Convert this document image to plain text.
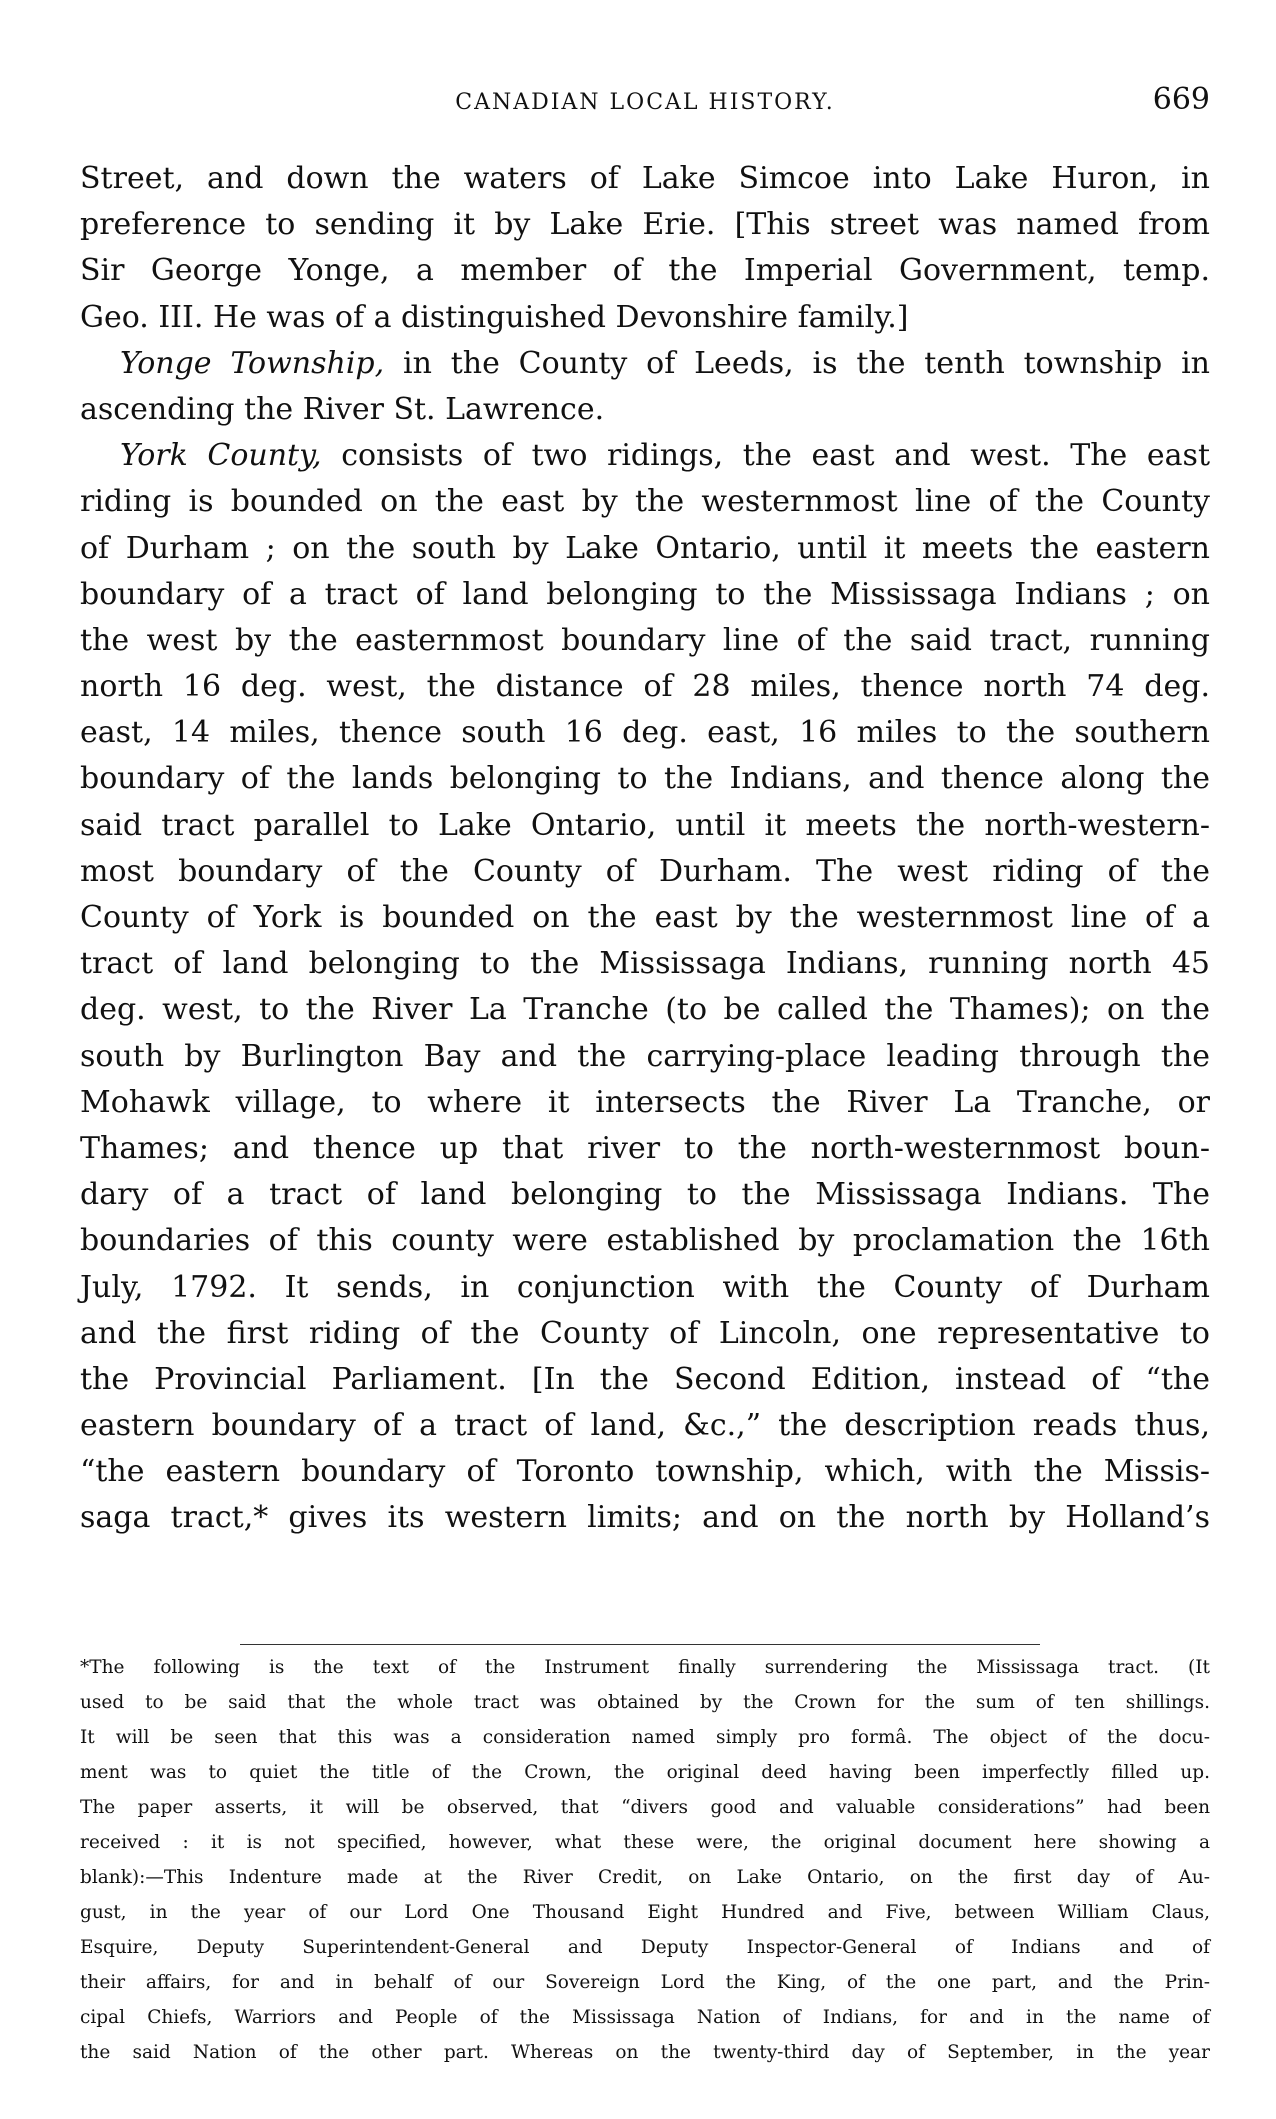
CANADIAN LOCAL HISTORY.	669
Street, and down the waters of Lake Simcoe into Lake Huron, in
preference to sending it by Lake Erie. [This street was named from
Sir George Yonge, a member of the Imperial Government, temp.
Geo. III. He was of a distinguished Devonshire family.]
Yonge Township, in the County of Leeds, is the tenth township in
ascending the River St. Lawrence.
York County, consists of two ridings, the east and west. The east
riding is bounded on the east by the westernmost line of the County
of Durham ; on the south by Lake Ontario, until it meets the eastern
boundary of a tract of land belonging to the Mississaga Indians ; on
the west by the easternmost boundary line of the said tract, running
north 16 deg. west, the distance of 28 miles, thence north 74 deg.
east, 14 miles, thence south 16 deg. east, 16 miles to the southern
boundary of the lands belonging to the Indians, and thence along the
said tract parallel to Lake Ontario, until it meets the north-western-
most boundary of the County of Durham. The west riding of the
County of York is bounded on the east by the westernmost line of a
tract of land belonging to the Mississaga Indians, running north 45
deg. west, to the River La Tranche (to be called the Thames); on the
south by Burlington Bay and the carrying-place leading through the
Mohawk village, to where it intersects the River La Tranche, or
Thames; and thence up that river to the north-westernmost boun-
dary of a tract of land belonging to the Mississaga Indians. The
boundaries of this county were established by proclamation the 16th
July, 1792. It sends, in conjunction with the County of Durham
and the first riding of the County of Lincoln, one representative to
the Provincial Parliament. [In the Second Edition, instead of “the
eastern boundary of a tract of land, &c.,” the description reads thus,
“the eastern boundary of Toronto township, which, with the Missis-
saga tract,* gives its western limits; and on the north by Holland’s
*The following is the text of the Instrument finally surrendering the Mississaga tract. (It
used to be said that the whole tract was obtained by the Crown for the sum of ten shillings.
It will be seen that this was a consideration named simply pro formâ. The object of the docu-
ment was to quiet the title of the Crown, the original deed having been imperfectly filled up.
The paper asserts, it will be observed, that “divers good and valuable considerations” had been
received : it is not specified, however, what these were, the original document here showing a
blank):—This Indenture made at the River Credit, on Lake Ontario, on the first day of Au-
gust, in the year of our Lord One Thousand Eight Hundred and Five, between William Claus,
Esquire, Deputy Superintendent-General and Deputy Inspector-General of Indians and of
their affairs, for and in behalf of our Sovereign Lord the King, of the one part, and the Prin-
cipal Chiefs, Warriors and People of the Mississaga Nation of Indians, for and in the name of
the said Nation of the other part. Whereas on the twenty-third day of September, in the year
